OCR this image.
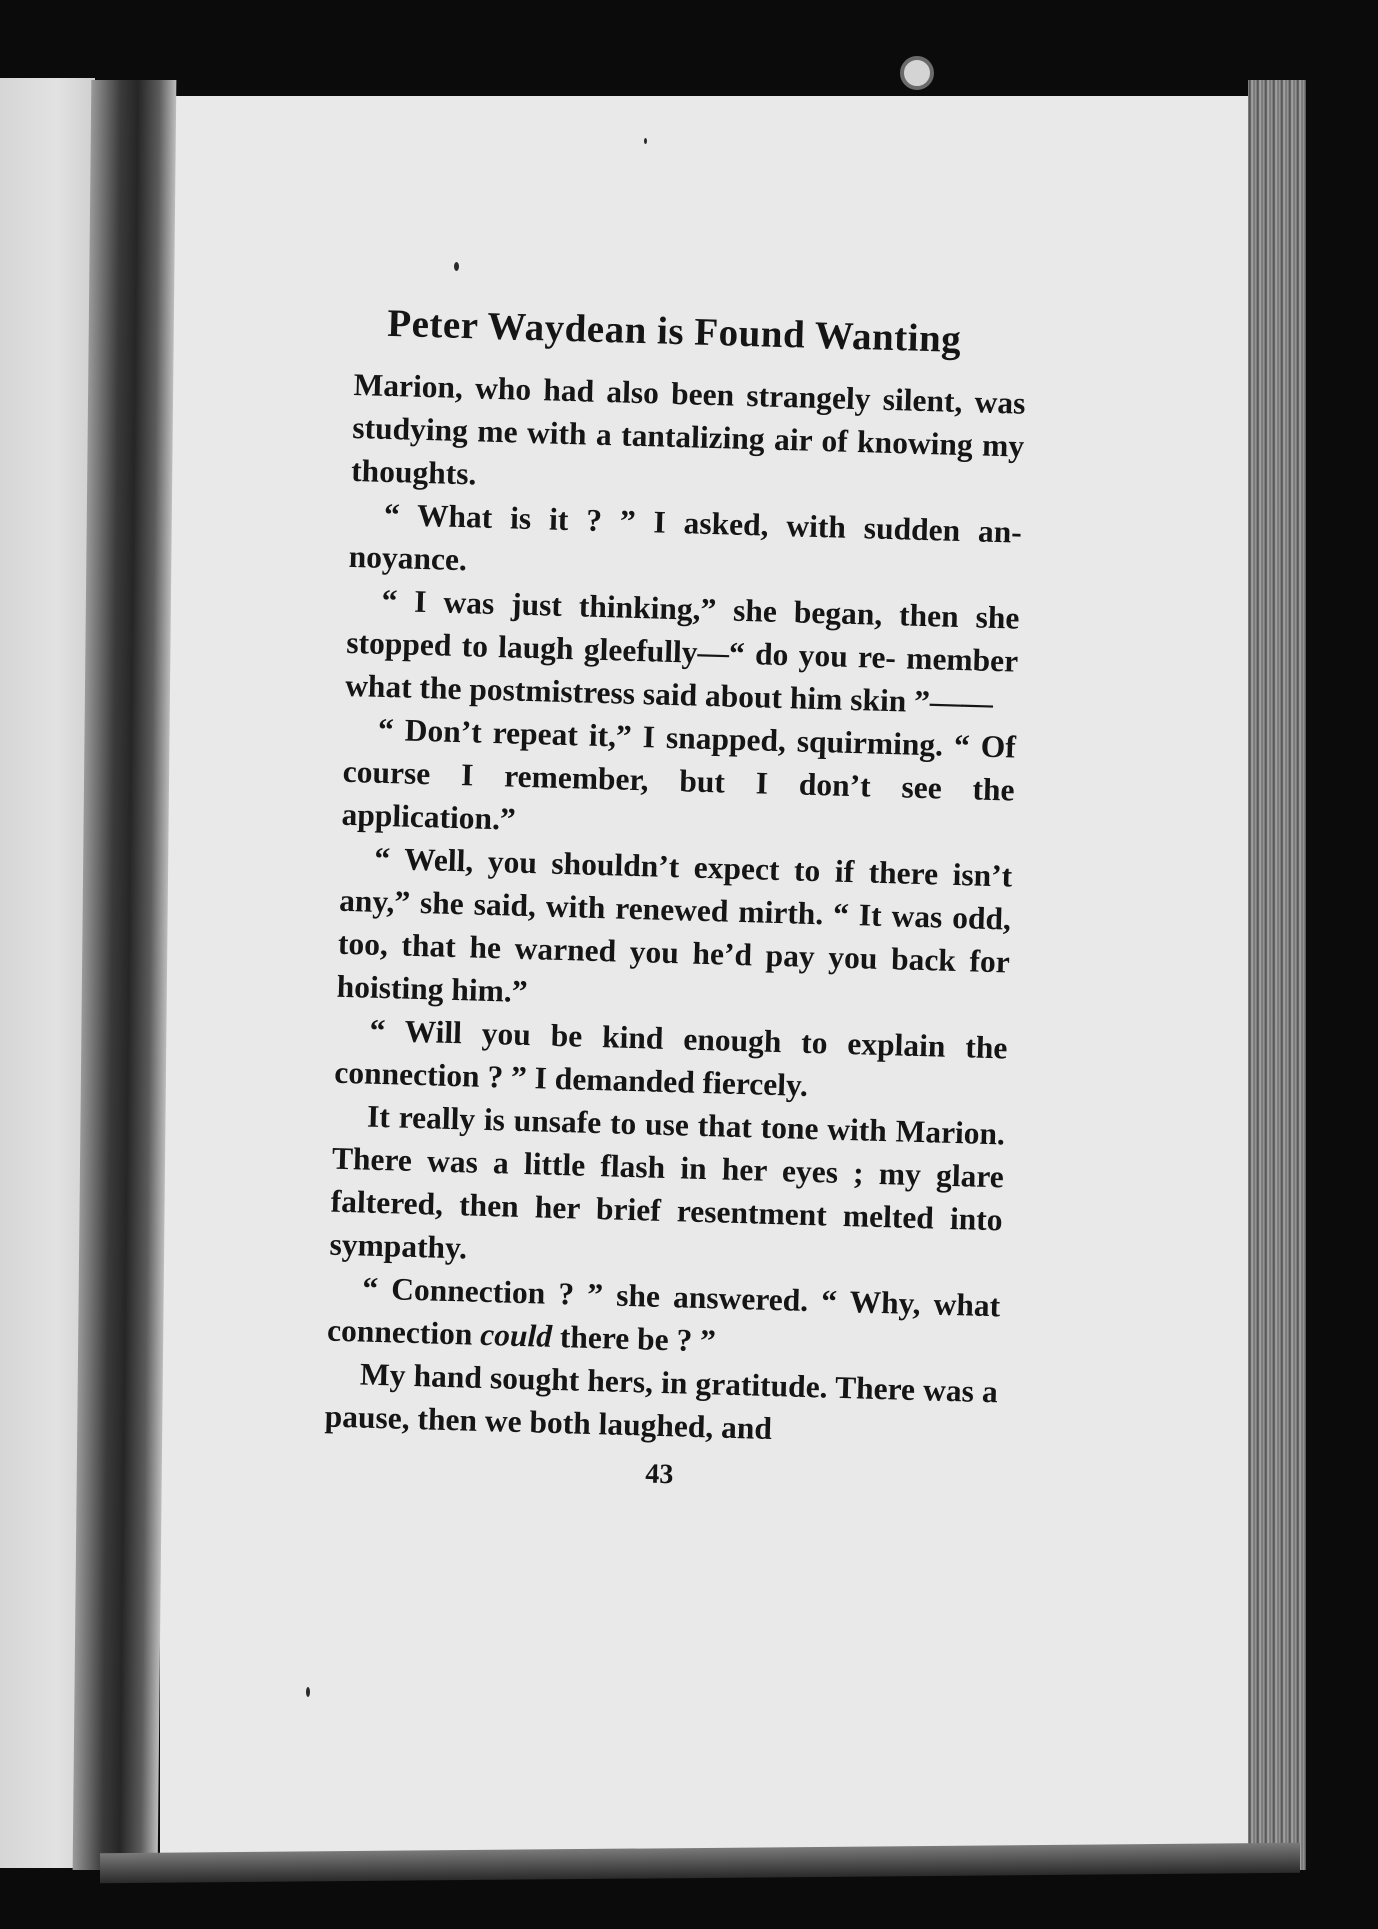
Peter Waydean is Found Wanting

Marion, who had also been strangely silent, was studying me with a tantalizing air of knowing my thoughts.

“ What is it ? ” I asked, with sudden an- noyance.

“ I was just thinking,” she began, then she stopped to laugh gleefully—“ do you re- member what the postmistress said about him skin ”——

“ Don’t repeat it,” I snapped, squirming. “ Of course I remember, but I don’t see the application.”

“ Well, you shouldn’t expect to if there isn’t any,” she said, with renewed mirth. “ It was odd, too, that he warned you he’d pay you back for hoisting him.”

“ Will you be kind enough to explain the connection ? ” I demanded fiercely.

It really is unsafe to use that tone with Marion. There was a little flash in her eyes ; my glare faltered, then her brief resentment melted into sympathy.

“ Connection ? ” she answered. “ Why, what connection could there be ? ”

My hand sought hers, in gratitude. There was a pause, then we both laughed, and

43
